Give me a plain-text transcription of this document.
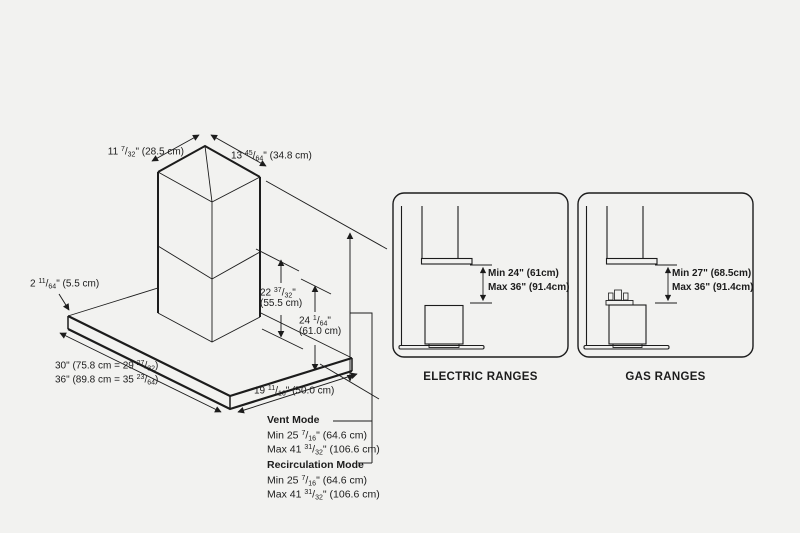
11 $^7/_{32}$" (28.5 cm)	13 $^{45}/_{64}$" (34.8 cm)
2 $^{11}/_{64}$" (5.5 cm)
22 $^{37}/_{32}$"
(55.5 cm)
24 $^1/_{64}$"
(61.0 cm)
30" (75.8 cm = 29 $^{27}/_{32}$)
36" (89.8 cm = 35 $^{23}/_{64}$)
19 $^{11}/_{16}$" (50.0 cm)
Vent Mode
Min 25 $^7/_{16}$" (64.6 cm)
Max 41 $^{31}/_{32}$" (106.6 cm)
Recirculation Mode
Min 25 $^7/_{16}$" (64.6 cm)
Max 41 $^{31}/_{32}$" (106.6 cm)
Min 24" (61cm)
Max 36" (91.4cm)
ELECTRIC RANGES
Min 27" (68.5cm)
Max 36" (91.4cm)
GAS RANGES
